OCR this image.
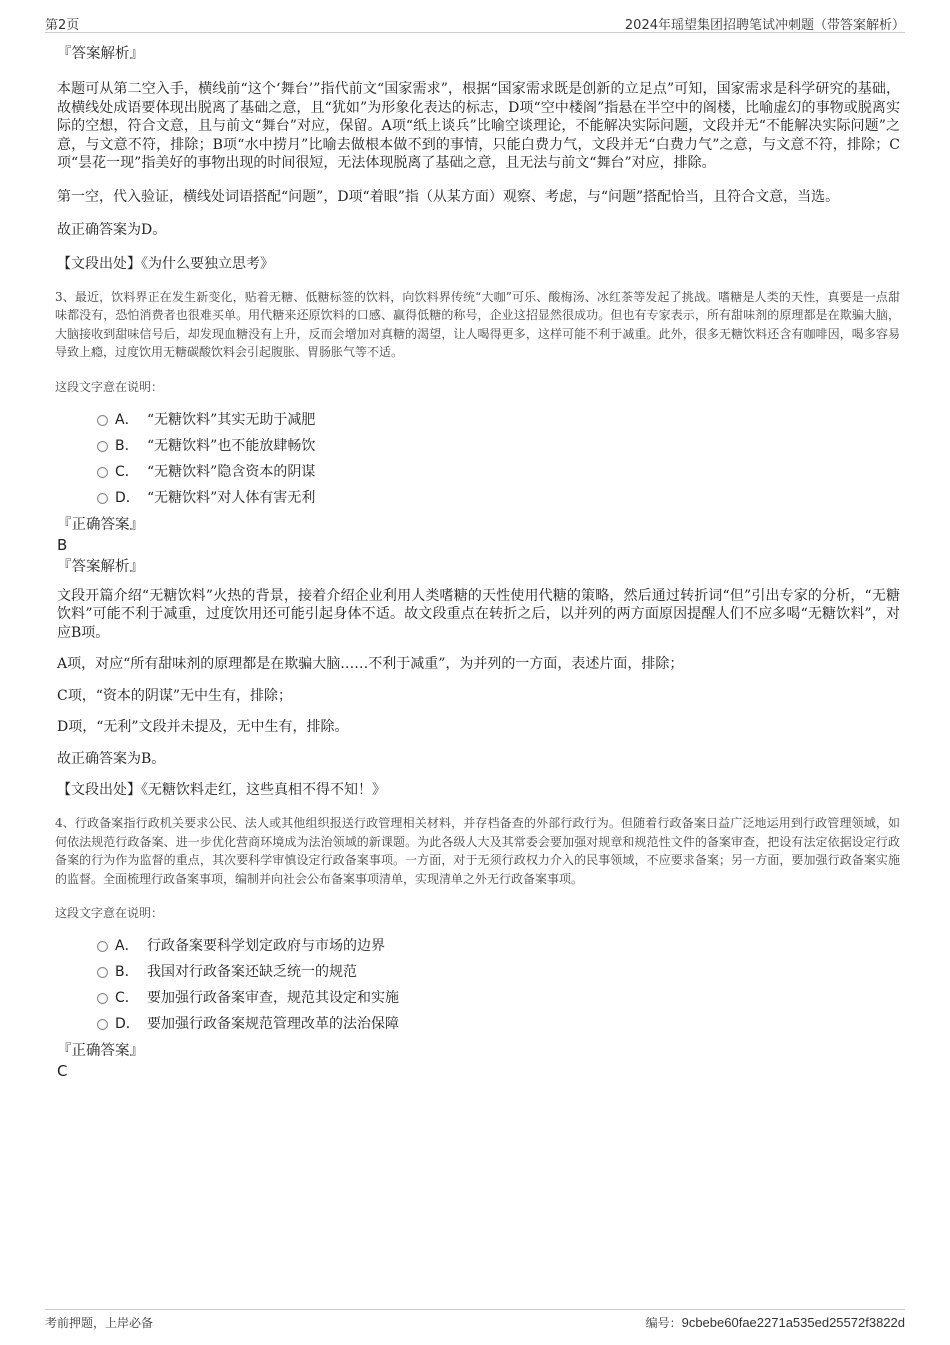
第2页	2024年瑶望集团招聘笔试冲刺题（带答案解析）

『答案解析』

本题可从第二空入手，横线前“这个‘舞台’”指代前文“国家需求”，根据“国家需求既是创新的立足点”可知，国家需求是科学研究的基础，故横线处成语要体现出脱离了基础之意，且“犹如”为形象化表达的标志，D项“空中楼阁”指悬在半空中的阁楼，比喻虚幻的事物或脱离实际的空想，符合文意，且与前文“舞台”对应，保留。A项“纸上谈兵”比喻空谈理论，不能解决实际问题，文段并无“不能解决实际问题”之意，与文意不符，排除；B项“水中捞月”比喻去做根本做不到的事情，只能白费力气，文段并无“白费力气”之意，与文意不符，排除；C项“昙花一现”指美好的事物出现的时间很短，无法体现脱离了基础之意，且无法与前文“舞台”对应，排除。

第一空，代入验证，横线处词语搭配“问题”，D项“着眼”指（从某方面）观察、考虑，与“问题”搭配恰当，且符合文意，当选。

故正确答案为D。

【文段出处】《为什么要独立思考》

3、最近，饮料界正在发生新变化，贴着无糖、低糖标签的饮料，向饮料界传统“大咖”可乐、酸梅汤、冰红茶等发起了挑战。嗜糖是人类的天性，真要是一点甜味都没有，恐怕消费者也很难买单。用代糖来还原饮料的口感、赢得低糖的称号，企业这招显然很成功。但也有专家表示，所有甜味剂的原理都是在欺骗大脑，大脑接收到甜味信号后，却发现血糖没有上升，反而会增加对真糖的渴望，让人喝得更多，这样可能不利于减重。此外，很多无糖饮料还含有咖啡因，喝多容易导致上瘾，过度饮用无糖碳酸饮料会引起腹胀、胃肠胀气等不适。

这段文字意在说明：

A． “无糖饮料”其实无助于减肥
B． “无糖饮料”也不能放肆畅饮
C． “无糖饮料”隐含资本的阴谋
D． “无糖饮料”对人体有害无利

『正确答案』

B

『答案解析』

文段开篇介绍“无糖饮料”火热的背景，接着介绍企业利用人类嗜糖的天性使用代糖的策略，然后通过转折词“但”引出专家的分析，“无糖饮料”可能不利于减重，过度饮用还可能引起身体不适。故文段重点在转折之后，以并列的两方面原因提醒人们不应多喝“无糖饮料”，对应B项。

A项，对应“所有甜味剂的原理都是在欺骗大脑……不利于减重”，为并列的一方面，表述片面，排除；

C项，“资本的阴谋”无中生有，排除；

D项，“无利”文段并未提及，无中生有，排除。

故正确答案为B。

【文段出处】《无糖饮料走红，这些真相不得不知！》

4、行政备案指行政机关要求公民、法人或其他组织报送行政管理相关材料，并存档备查的外部行政行为。但随着行政备案日益广泛地运用到行政管理领域，如何依法规范行政备案、进一步优化营商环境成为法治领域的新课题。为此各级人大及其常委会要加强对规章和规范性文件的备案审查，把设有法定依据设定行政备案的行为作为监督的重点，其次要科学审慎设定行政备案事项。一方面，对于无须行政权力介入的民事领域，不应要求备案；另一方面，要加强行政备案实施的监督。全面梳理行政备案事项，编制并向社会公布备案事项清单，实现清单之外无行政备案事项。

这段文字意在说明：

A． 行政备案要科学划定政府与市场的边界
B． 我国对行政备案还缺乏统一的规范
C． 要加强行政备案审查，规范其设定和实施
D． 要加强行政备案规范管理改革的法治保障

『正确答案』

C

考前押题，上岸必备	编号：9cbebe60fae2271a535ed25572f3822d
